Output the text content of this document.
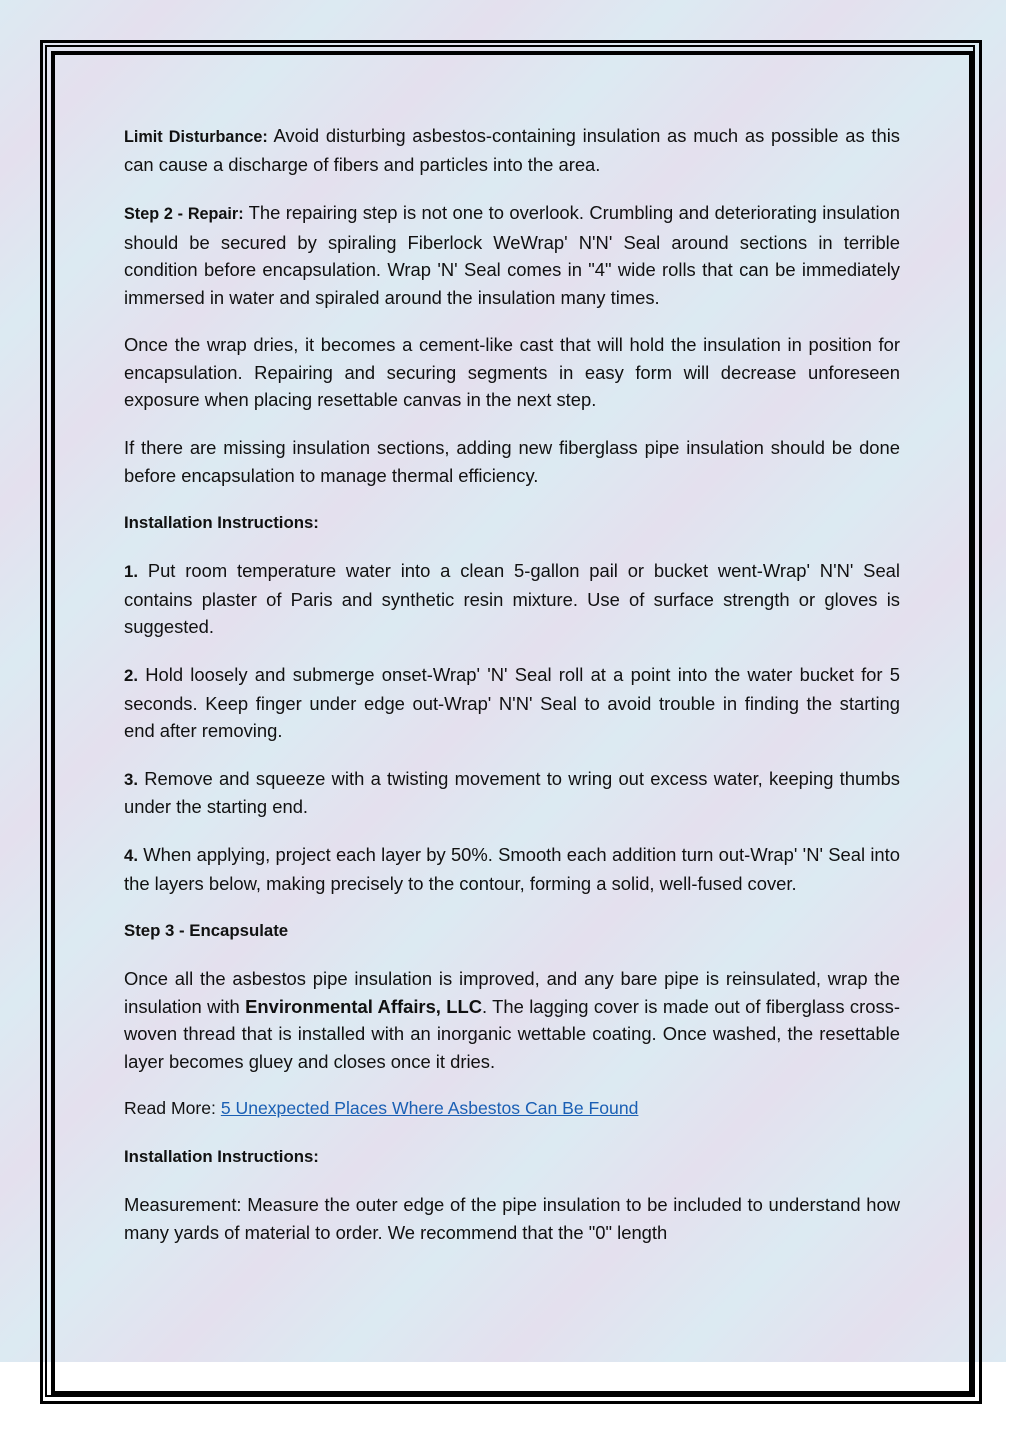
Limit Disturbance: Avoid disturbing asbestos-containing insulation as much as possible as this can cause a discharge of fibers and particles into the area.

Step 2 - Repair: The repairing step is not one to overlook. Crumbling and deteriorating insulation should be secured by spiraling Fiberlock WeWrap' N'N' Seal around sections in terrible condition before encapsulation. Wrap 'N' Seal comes in "4" wide rolls that can be immediately immersed in water and spiraled around the insulation many times.

Once the wrap dries, it becomes a cement-like cast that will hold the insulation in position for encapsulation. Repairing and securing segments in easy form will decrease unforeseen exposure when placing resettable canvas in the next step.

If there are missing insulation sections, adding new fiberglass pipe insulation should be done before encapsulation to manage thermal efficiency.

Installation Instructions:

1. Put room temperature water into a clean 5-gallon pail or bucket went-Wrap' N'N' Seal contains plaster of Paris and synthetic resin mixture. Use of surface strength or gloves is suggested.

2. Hold loosely and submerge onset-Wrap' 'N' Seal roll at a point into the water bucket for 5 seconds. Keep finger under edge out-Wrap' N'N' Seal to avoid trouble in finding the starting end after removing.

3. Remove and squeeze with a twisting movement to wring out excess water, keeping thumbs under the starting end.

4. When applying, project each layer by 50%. Smooth each addition turn out-Wrap' 'N' Seal into the layers below, making precisely to the contour, forming a solid, well-fused cover.

Step 3 - Encapsulate

Once all the asbestos pipe insulation is improved, and any bare pipe is reinsulated, wrap the insulation with Environmental Affairs, LLC. The lagging cover is made out of fiberglass cross-woven thread that is installed with an inorganic wettable coating. Once washed, the resettable layer becomes gluey and closes once it dries.

Read More: 5 Unexpected Places Where Asbestos Can Be Found

Installation Instructions:

Measurement: Measure the outer edge of the pipe insulation to be included to understand how many yards of material to order. We recommend that the "0" length
